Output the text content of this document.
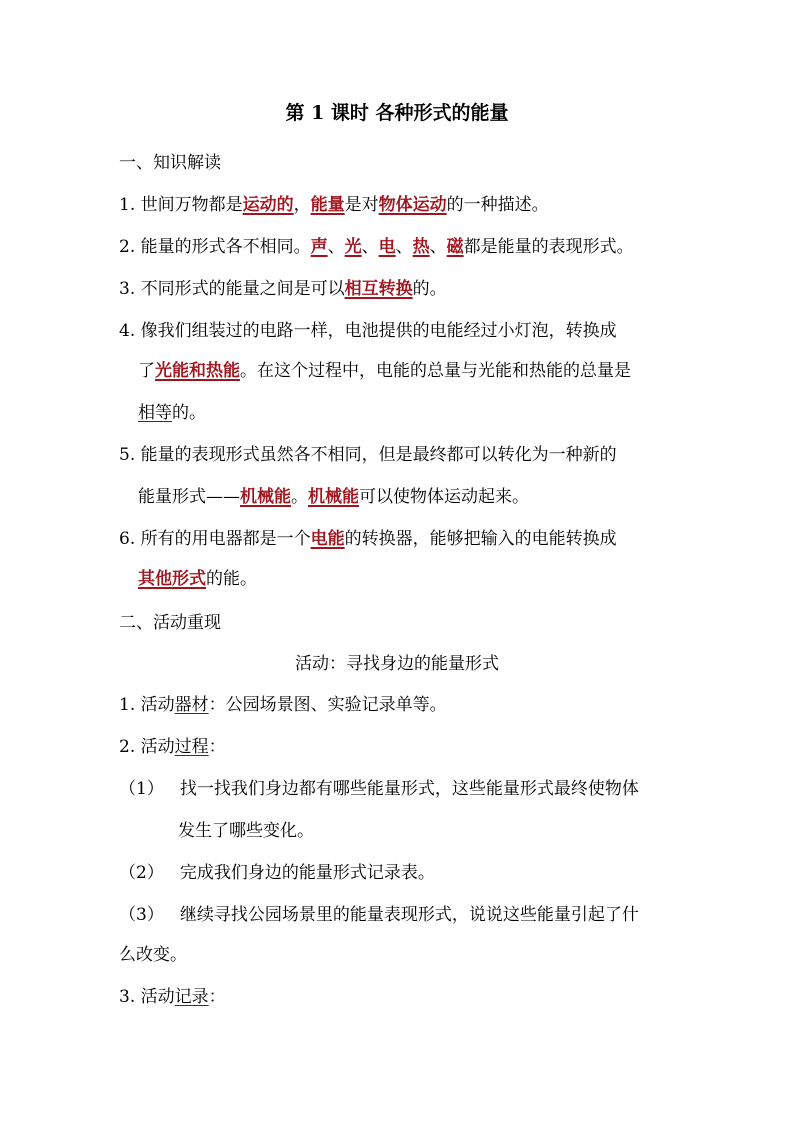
第 1 课时 各种形式的能量
一、知识解读
1. 世间万物都是运动的，能量是对物体运动的一种描述。
2. 能量的形式各不相同。声、光、电、热、磁都是能量的表现形式。
3. 不同形式的能量之间是可以相互转换的。
4. 像我们组装过的电路一样，电池提供的电能经过小灯泡，转换成
了光能和热能。在这个过程中，电能的总量与光能和热能的总量是
相等的。
5. 能量的表现形式虽然各不相同，但是最终都可以转化为一种新的
能量形式——机械能。机械能可以使物体运动起来。
6. 所有的用电器都是一个电能的转换器，能够把输入的电能转换成
其他形式的能。
二、活动重现
活动：寻找身边的能量形式
1. 活动器材：公园场景图、实验记录单等。
2. 活动过程：
（1） 找一找我们身边都有哪些能量形式，这些能量形式最终使物体
发生了哪些变化。
（2） 完成我们身边的能量形式记录表。
（3） 继续寻找公园场景里的能量表现形式，说说这些能量引起了什
么改变。
3. 活动记录：
